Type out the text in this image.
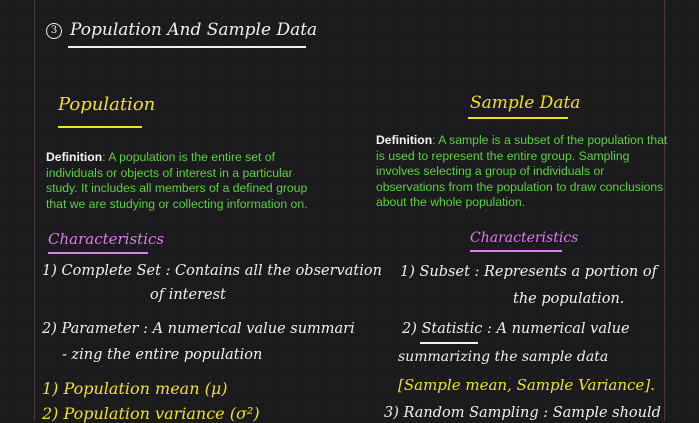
3 Population And Sample Data
Population
Definition: A population is the entire set of individuals or objects of interest in a particular study. It includes all members of a defined group that we are studying or collecting information on.
Characteristics
1) Complete Set : Contains all the observation
of interest
2) Parameter : A numerical value summari
- zing the entire population
1) Population mean (μ)
2) Population variance (σ²)
Sample Data
Definition: A sample is a subset of the population that is used to represent the entire group. Sampling involves selecting a group of individuals or observations from the population to draw conclusions about the whole population.
Characteristics
1) Subset : Represents a portion of
the population.
2) Statistic : A numerical value
summarizing the sample data
[Sample mean, Sample Variance].
3) Random Sampling : Sample should
